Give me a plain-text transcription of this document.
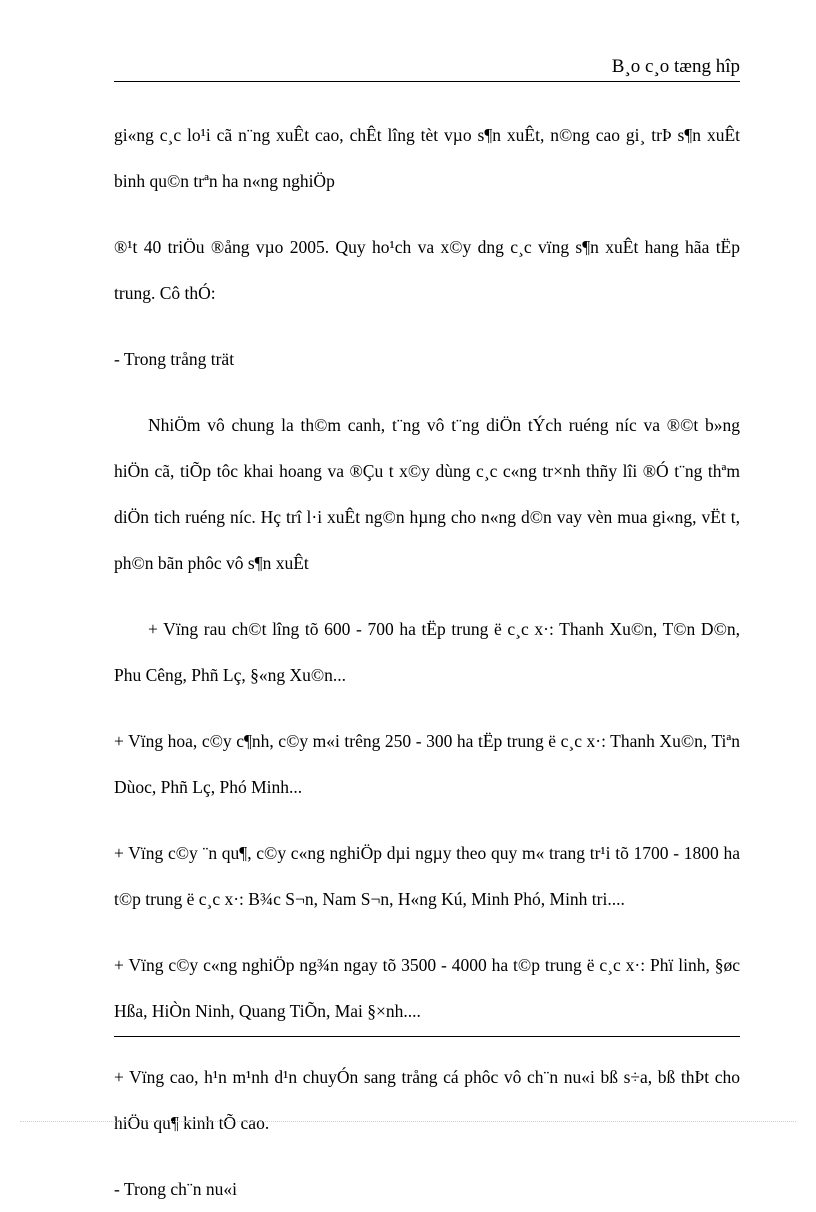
B¸o c¸o tæng hîp

gi«ng c¸c lo¹i cã n¨ng xuÊt cao, chÊt lîng tèt vµo s¶n xuÊt, n©ng cao gi¸ trÞ s¶n xuÊt binh qu©n trªn ha n«ng nghiÖp

®¹t 40 triÖu ®ång vµo 2005. Quy ho¹ch va x©y dng c¸c vïng s¶n xuÊt hang hãa tËp trung. Cô thÓ:

- Trong trång trät

NhiÖm vô chung la th©m canh, t¨ng vô t¨ng diÖn tÝch ruéng níc va ®©t b»ng hiÖn cã, tiÕp tôc khai hoang va ®Çu t x©y dùng c¸c c«ng tr×nh thñy lîi ®Ó t¨ng thªm diÖn tich ruéng níc. Hç trî l·i xuÊt ng©n hµng cho n«ng d©n vay vèn mua gi«ng, vËt t, ph©n bãn phôc vô s¶n xuÊt

+ Vïng rau ch©t lîng tõ 600 - 700 ha tËp trung ë c¸c x·: Thanh Xu©n, T©n D©n, Phu Cêng, Phñ Lç, §«ng Xu©n...

+ Vïng hoa, c©y c¶nh, c©y m«i trêng 250 - 300 ha tËp trung ë c¸c x·: Thanh Xu©n, Tiªn Dùoc, Phñ Lç, Phó Minh...

+ Vïng c©y ¨n qu¶, c©y c«ng nghiÖp dµi ngµy theo quy m« trang tr¹i tõ 1700 - 1800 ha t©p trung ë c¸c x·: B¾c S¬n, Nam S¬n, H«ng Kú, Minh Phó, Minh tri....

+ Vïng c©y c«ng nghiÖp ng¾n ngay tõ 3500 - 4000 ha t©p trung ë c¸c x·: Phï linh, §øc Hßa, HiÒn Ninh, Quang TiÕn, Mai §×nh....

+ Vïng cao, h¹n m¹nh d¹n chuyÓn sang trång cá phôc vô ch¨n nu«i bß s÷a, bß thÞt cho hiÖu qu¶ kinh tÕ cao.

- Trong ch¨n nu«i
